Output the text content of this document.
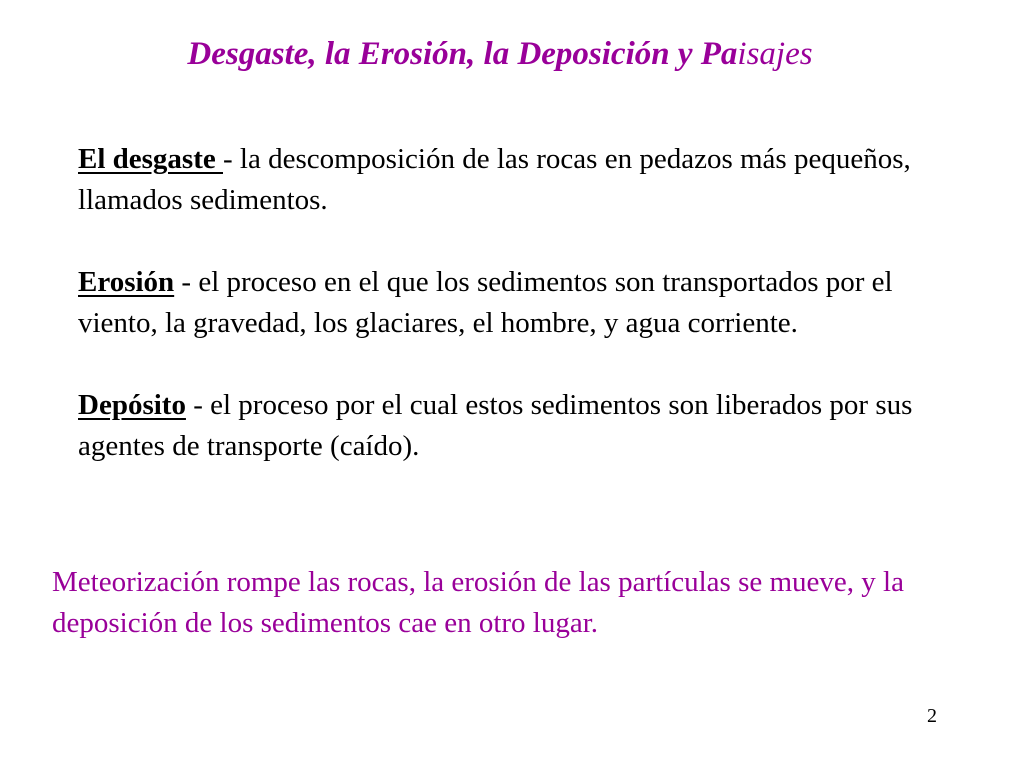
Desgaste, la Erosión, la Deposición y Paisajes

El desgaste - la descomposición de las rocas en pedazos más pequeños, llamados sedimentos.

Erosión - el proceso en el que los sedimentos son transportados por el viento, la gravedad, los glaciares, el hombre, y agua corriente.

Depósito - el proceso por el cual estos sedimentos son liberados por sus agentes de transporte (caído).

Meteorización rompe las rocas, la erosión de las partículas se mueve, y la deposición de los sedimentos cae en otro lugar.
2
